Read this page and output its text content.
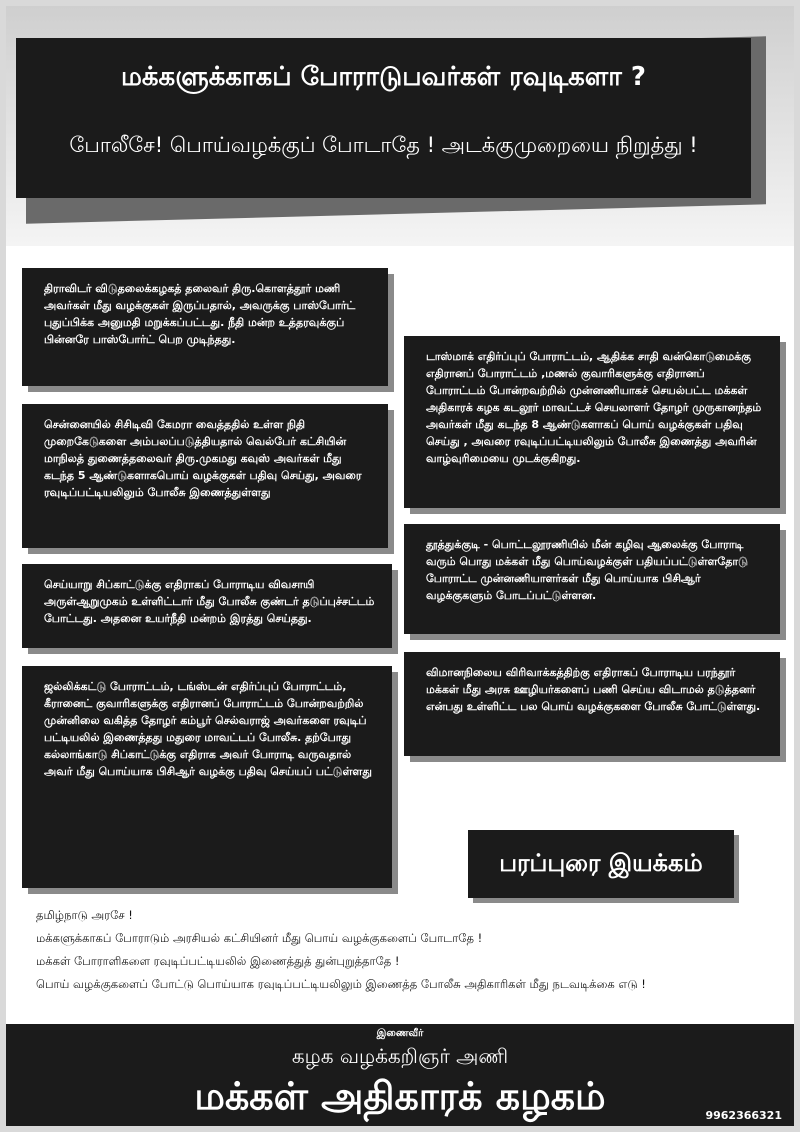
மக்களுக்காகப் போராடுபவர்கள் ரவுடிகளா ?
போலீசே! பொய்வழக்குப் போடாதே ! அடக்குமுறையை நிறுத்து !

திராவிடர் விடுதலைக்கழகத் தலைவர் திரு.கொளத்தூர் மணி அவர்கள் மீது வழக்குகள் இருப்பதால், அவருக்கு பாஸ்போர்ட் புதுப்பிக்க அனுமதி மறுக்கப்பட்டது. நீதி மன்ற உத்தரவுக்குப் பின்னரே பாஸ்போர்ட் பெற முடிந்தது.

சென்னையில் சிசிடிவி கேமரா வைத்ததில் உள்ள நிதி முறைகேடுகளை அம்பலப்படுத்தியதால் வெல்பேர் கட்சியின் மாநிலத் துணைத்தலைவர் திரு.முகமது கவுஸ் அவர்கள் மீது கடந்த 5 ஆண்டுகளாகபொய் வழக்குகள் பதிவு செய்து, அவரை ரவுடிப்பட்டியலிலும் போலீசு இணைத்துள்ளது

செய்யாறு சிப்காட்டுக்கு எதிராகப் போராடிய விவசாயி அருள்ஆறுமுகம் உள்ளிட்டார் மீது போலீசு குண்டர் தடுப்புச்சட்டம் போட்டது. அதனை உயர்நீதி மன்றம் இரத்து செய்தது.

ஜல்லிக்கட்டு போராட்டம், டங்ஸ்டன் எதிர்ப்புப் போராட்டம், கீரானைட் குவாரிகளுக்கு எதிரானப் போராட்டம் போன்றவற்றில் முன்னிலை வகித்த தோழர் கம்பூர் செல்வராஜ் அவர்களை ரவுடிப் பட்டியலில் இணைத்தது மதுரை மாவட்டப் போலீசு. தற்போது கல்லாங்காடு சிப்காட்டுக்கு எதிராக அவர் போராடி வருவதால் அவர் மீது பொய்யாக பிசிஆர் வழக்கு பதிவு செய்யப் பட்டுள்ளது

டாஸ்மாக் எதிர்ப்புப் போராட்டம், ஆதிக்க சாதி வன்கொடுமைக்கு எதிரானப் போராட்டம் ,மணல் குவாரிகளுக்கு எதிரானப் போராட்டம் போன்றவற்றில் முன்னணியாகச் செயல்பட்ட மக்கள் அதிகாரக் கழக கடலூர் மாவட்டச் செயலாளர் தோழர் முருகானந்தம் அவர்கள் மீது கடந்த 8 ஆண்டுகளாகப் பொய் வழக்குகள் பதிவு செய்து , அவரை ரவுடிப்பட்டியலிலும் போலீசு இணைத்து அவரின் வாழ்வுரிமையை முடக்குகிறது.

தூத்துக்குடி - பொட்டலூரணியில் மீன் கழிவு ஆலைக்கு போராடி வரும் பொது மக்கள் மீது பொய்வழக்குள் பதியப்பட்டுள்ளதோடு போராட்ட முன்னணியாளர்கள் மீது பொய்யாக பிசிஆர் வழக்குகளும் போடப்பட்டுள்ளன.

விமானநிலைய விரிவாக்கத்திற்கு எதிராகப் போராடிய பரந்தூர் மக்கள் மீது அரசு ஊழியர்களைப் பணி செய்ய விடாமல் தடுத்தனர் என்பது உள்ளிட்ட பல பொய் வழக்குகளை போலீசு போட்டுள்ளது.

பரப்புரை இயக்கம்
தமிழ்நாடு அரசே !
மக்களுக்காகப் போராடும் அரசியல் கட்சியினர் மீது பொய் வழக்குகளைப் போடாதே !
மக்கள் போராளிகளை ரவுடிப்பட்டியலில் இணைத்துத் துன்புறுத்தாதே !
பொய் வழக்குகளைப் போட்டு பொய்யாக ரவுடிப்பட்டியலிலும் இணைத்த போலீசு அதிகாரிகள் மீது நடவடிக்கை எடு !
இணைவீர்
கழக வழக்கறிஞர் அணி
மக்கள் அதிகாரக் கழகம்	9962366321
